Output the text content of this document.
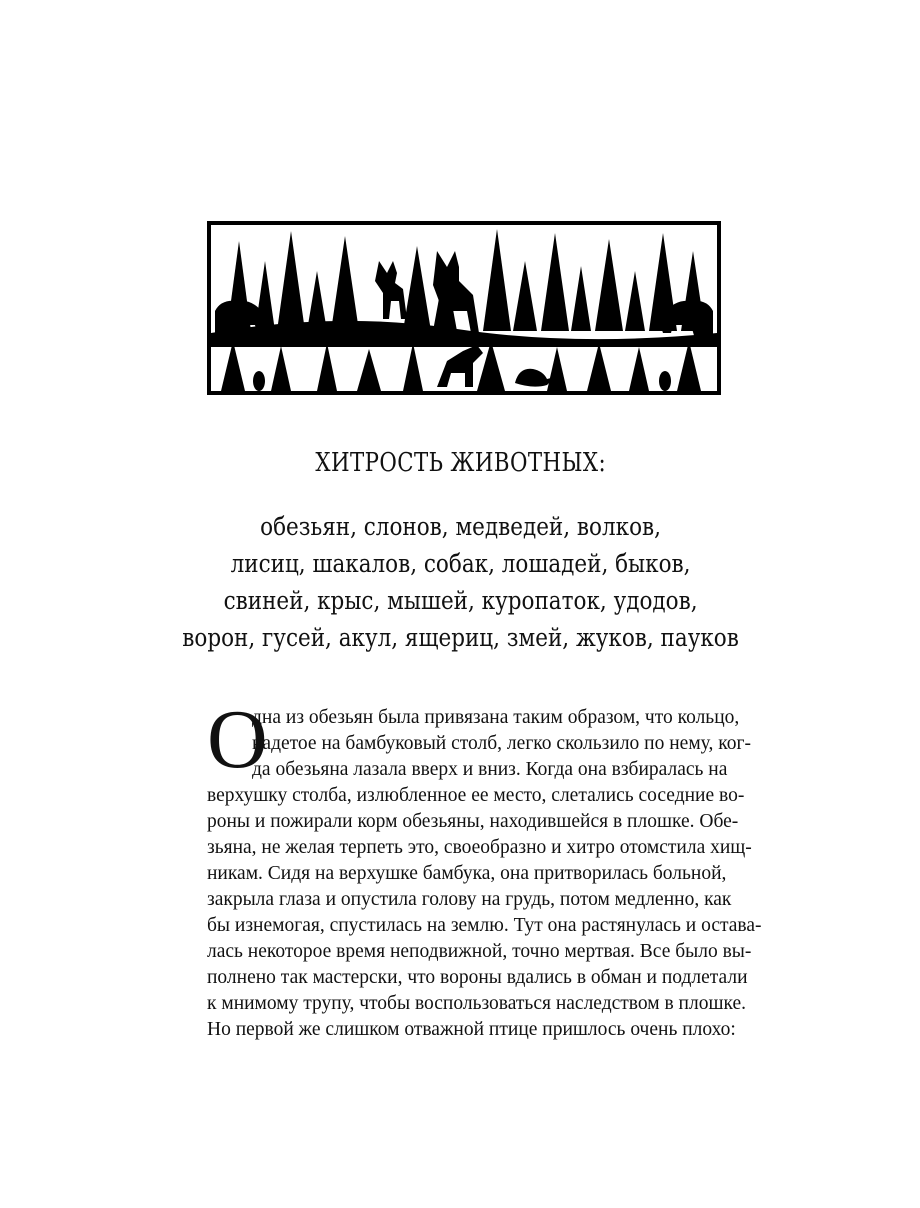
ХИТРОСТЬ ЖИВОТНЫХ:
обезьян, слонов, медведей, волков,
лисиц, шакалов, собак, лошадей, быков,
свиней, крыс, мышей, куропаток, удодов,
ворон, гусей, акул, ящериц, змей, жуков, пауков
О
дна из обезьян была привязана таким образом, что кольцо,
надетое на бамбуковый столб, легко скользило по нему, ког-
да обезьяна лазала вверх и вниз. Когда она взбиралась на
верхушку столба, излюбленное ее место, слетались соседние во-
роны и пожирали корм обезьяны, находившейся в плошке. Обе-
зьяна, не желая терпеть это, своеобразно и хитро отомстила хищ-
никам. Сидя на верхушке бамбука, она притворилась больной,
закрыла глаза и опустила голову на грудь, потом медленно, как
бы изнемогая, спустилась на землю. Тут она растянулась и остава-
лась некоторое время неподвижной, точно мертвая. Все было вы-
полнено так мастерски, что вороны вдались в обман и подлетали
к мнимому трупу, чтобы воспользоваться наследством в плошке.
Но первой же слишком отважной птице пришлось очень плохо:
